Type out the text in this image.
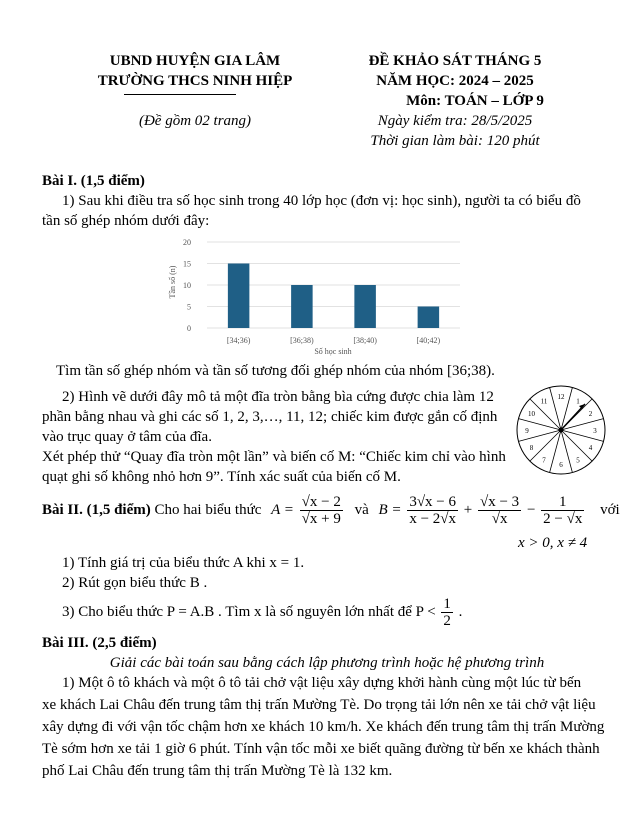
UBND HUYỆN GIA LÂM
TRƯỜNG THCS NINH HIỆP
(Đề gồm 02 trang)
ĐỀ KHẢO SÁT THÁNG 5
NĂM HỌC: 2024 – 2025
Môn: TOÁN – LỚP 9
Ngày kiểm tra: 28/5/2025
Thời gian làm bài: 120 phút
Bài I. (1,5 điểm)
1) Sau khi điều tra số học sinh trong 40 lớp học (đơn vị: học sinh), người ta có biểu đồ
tần số ghép nhóm dưới đây:
0
5
10
15
20
[34;36)	[36;38)	[38;40)	[40;42)
Tần số (n)
Số học sinh
Tìm tần số ghép nhóm và tần số tương đối ghép nhóm của nhóm [36;38).
2) Hình vẽ dưới đây mô tả một đĩa tròn bằng bìa cứng được chia làm 12
phần bằng nhau và ghi các số 1, 2, 3,…, 11, 12; chiếc kim được gắn cố định
vào trục quay ở tâm của đĩa.
Xét phép thử “Quay đĩa tròn một lần” và biến cố M: “Chiếc kim chỉ vào hình
quạt ghi số không nhỏ hơn 9”. Tính xác suất của biến cố M.
12
1
2
3
4
5
6
7
8
9
10
11
Bài II. (1,5 điểm) Cho hai biểu thức $A = \frac{√x - 2}{√x + 9}$ và $B = \frac{3√x - 6}{x - 2√x} + \frac{√x - 3}{√x} - \frac{1}{2 - √x}$ với
x > 0, x ≠ 4
1) Tính giá trị của biểu thức A khi x = 1.
2) Rút gọn biểu thức B .
3) Cho biểu thức P = A.B . Tìm x là số nguyên lớn nhất để $P < \frac{1}{2}$ .
Bài III. (2,5 điểm)
Giải các bài toán sau bằng cách lập phương trình hoặc hệ phương trình
1) Một ô tô khách và một ô tô tải chở vật liệu xây dựng khởi hành cùng một lúc từ bến
xe khách Lai Châu đến trung tâm thị trấn Mường Tè. Do trọng tải lớn nên xe tải chở vật liệu
xây dựng đi với vận tốc chậm hơn xe khách 10 km/h. Xe khách đến trung tâm thị trấn Mường
Tè sớm hơn xe tải 1 giờ 6 phút. Tính vận tốc mỗi xe biết quãng đường từ bến xe khách thành
phố Lai Châu đến trung tâm thị trấn Mường Tè là 132 km.
